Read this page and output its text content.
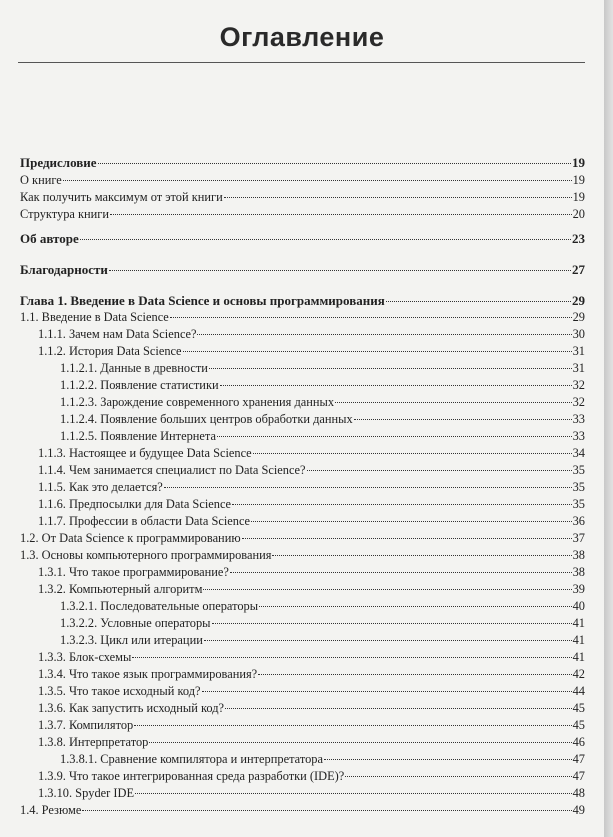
Оглавление
Предисловие	19
О книге	19
Как получить максимум от этой книги	19
Структура книги	20
Об авторе	23
Благодарности	27
Глава 1. Введение в Data Science и основы программирования	29
1.1. Введение в Data Science	29
1.1.1. Зачем нам Data Science?	30
1.1.2. История Data Science	31
1.1.2.1. Данные в древности	31
1.1.2.2. Появление статистики	32
1.1.2.3. Зарождение современного хранения данных	32
1.1.2.4. Появление больших центров обработки данных	33
1.1.2.5. Появление Интернета	33
1.1.3. Настоящее и будущее Data Science	34
1.1.4. Чем занимается специалист по Data Science?	35
1.1.5. Как это делается?	35
1.1.6. Предпосылки для Data Science	35
1.1.7. Профессии в области Data Science	36
1.2. От Data Science к программированию	37
1.3. Основы компьютерного программирования	38
1.3.1. Что такое программирование?	38
1.3.2. Компьютерный алгоритм	39
1.3.2.1. Последовательные операторы	40
1.3.2.2. Условные операторы	41
1.3.2.3. Цикл или итерации	41
1.3.3. Блок-схемы	41
1.3.4. Что такое язык программирования?	42
1.3.5. Что такое исходный код?	44
1.3.6. Как запустить исходный код?	45
1.3.7. Компилятор	45
1.3.8. Интерпретатор	46
1.3.8.1. Сравнение компилятора и интерпретатора	47
1.3.9. Что такое интегрированная среда разработки (IDE)?	47
1.3.10. Spyder IDE	48
1.4. Резюме	49
